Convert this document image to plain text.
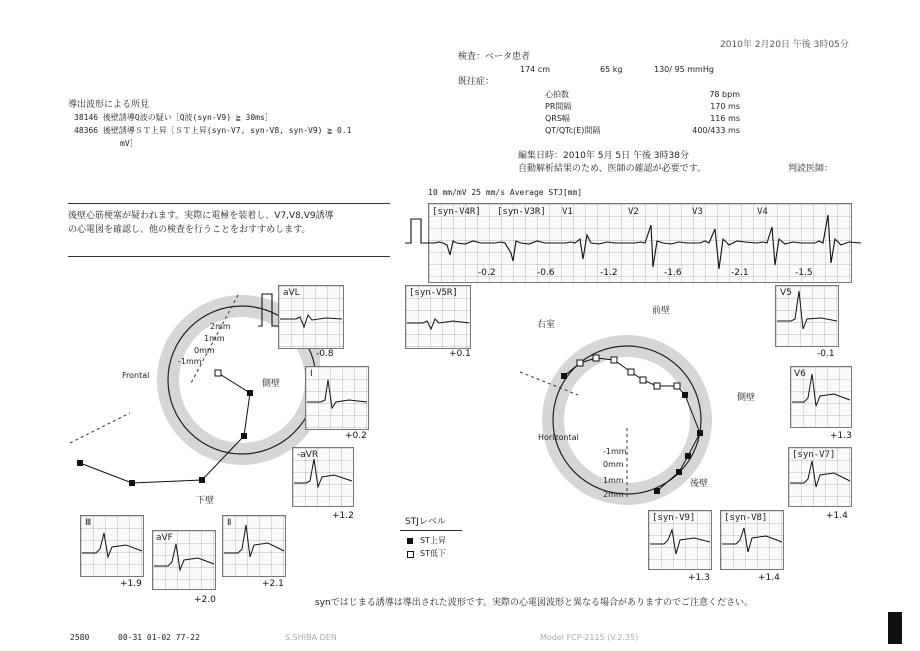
2010年 2月20日 午後 3時05分
検査：ベータ患者
174 cm	65 kg	130/ 95 mmHg
既往症：
心拍数	78 bpm
PR間隔	170 ms
QRS幅	116 ms
QT/QTc(E)間隔	400/433 ms
編集日時：2010年 5月 5日 午後 3時38分
自動解析結果のため、医師の確認が必要です。	判読医師：
導出波形による所見
38146 後壁誘導Q波の疑い［Q波(syn-V9) ≧ 30ms］
48366 後壁誘導ＳＴ上昇［ＳＴ上昇(syn-V7, syn-V8, syn-V9) ≧ 0.1
mV］
後壁心筋梗塞が疑われます。実際に電極を装着し、V7,V8,V9誘導
の心電図を確認し、他の検査を行うことをおすすめします。
10 mm/mV 25 mm/s Average STJ[mm]
[syn-V4R] [syn-V3R] V1	V2	V3	V4
-0.2	-0.6	-1.2	-1.6	-2.1	-1.5
Frontal
2mm
1mm
0mm
-1mm
側壁
下壁
aVL
-0.8
Ⅰ
+0.2
-aVR
+1.2
Ⅲ
+1.9
aVF
+2.0
Ⅱ
+2.1
[syn-V5R]
+0.1
右室
前壁
側壁
後壁
Horizontal
-1mm
0mm
1mm
2mm
V5
-0.1
V6
+1.3
[syn-V7]
+1.4
[syn-V9]
+1.3
[syn-V8]
+1.4
STJレベル
ST上昇
ST低下
synではじまる誘導は導出された波形です。実際の心電図波形と異なる場合がありますのでご注意ください。
2580	00-31 01-02 77-22	S.SHIBA DEN	Model FCP-2115 (V.2.35)
